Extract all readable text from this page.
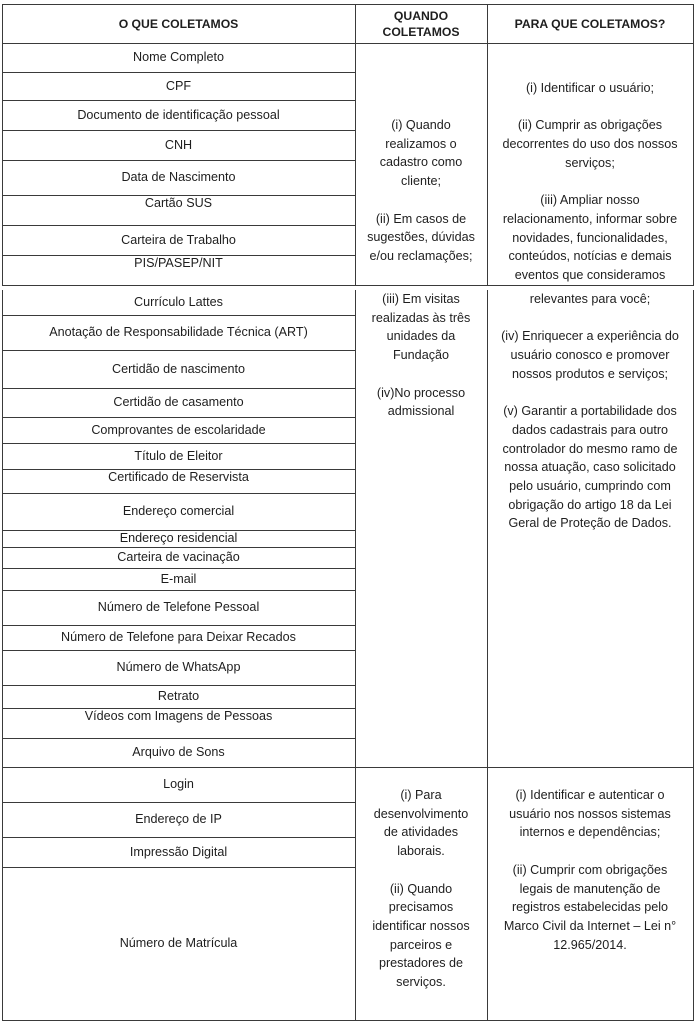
O QUE COLETAMOS
QUANDO
COLETAMOS
PARA QUE COLETAMOS?
Nome Completo
CPF
Documento de identificação pessoal
CNH
Data de Nascimento
Cartão SUS
Carteira de Trabalho
PIS/PASEP/NIT
Currículo Lattes
Anotação de Responsabilidade Técnica (ART)
Certidão de nascimento
Certidão de casamento
Comprovantes de escolaridade
Título de Eleitor
Certificado de Reservista
Endereço comercial
Endereço residencial
Carteira de vacinação
E-mail
Número de Telefone Pessoal
Número de Telefone para Deixar Recados
Número de WhatsApp
Retrato
Vídeos com Imagens de Pessoas
Arquivo de Sons
Login
Endereço de IP
Impressão Digital
Número de Matrícula
(i) Quando
realizamos o
cadastro como
cliente;
(ii) Em casos de
sugestões, dúvidas
e/ou reclamações;
(i) Identificar o usuário;
(ii) Cumprir as obrigações
decorrentes do uso dos nossos
serviços;
(iii) Ampliar nosso
relacionamento, informar sobre
novidades, funcionalidades,
conteúdos, notícias e demais
eventos que consideramos
(iii) Em visitas
realizadas às três
unidades da
Fundação
(iv)No processo
admissional
relevantes para você;
(iv) Enriquecer a experiência do
usuário conosco e promover
nossos produtos e serviços;
(v) Garantir a portabilidade dos
dados cadastrais para outro
controlador do mesmo ramo de
nossa atuação, caso solicitado
pelo usuário, cumprindo com
obrigação do artigo 18 da Lei
Geral de Proteção de Dados.
(i) Para
desenvolvimento
de atividades
laborais.
(ii) Quando
precisamos
identificar nossos
parceiros e
prestadores de
serviços.
(i) Identificar e autenticar o
usuário nos nossos sistemas
internos e dependências;
(ii) Cumprir com obrigações
legais de manutenção de
registros estabelecidas pelo
Marco Civil da Internet – Lei n°
12.965/2014.
